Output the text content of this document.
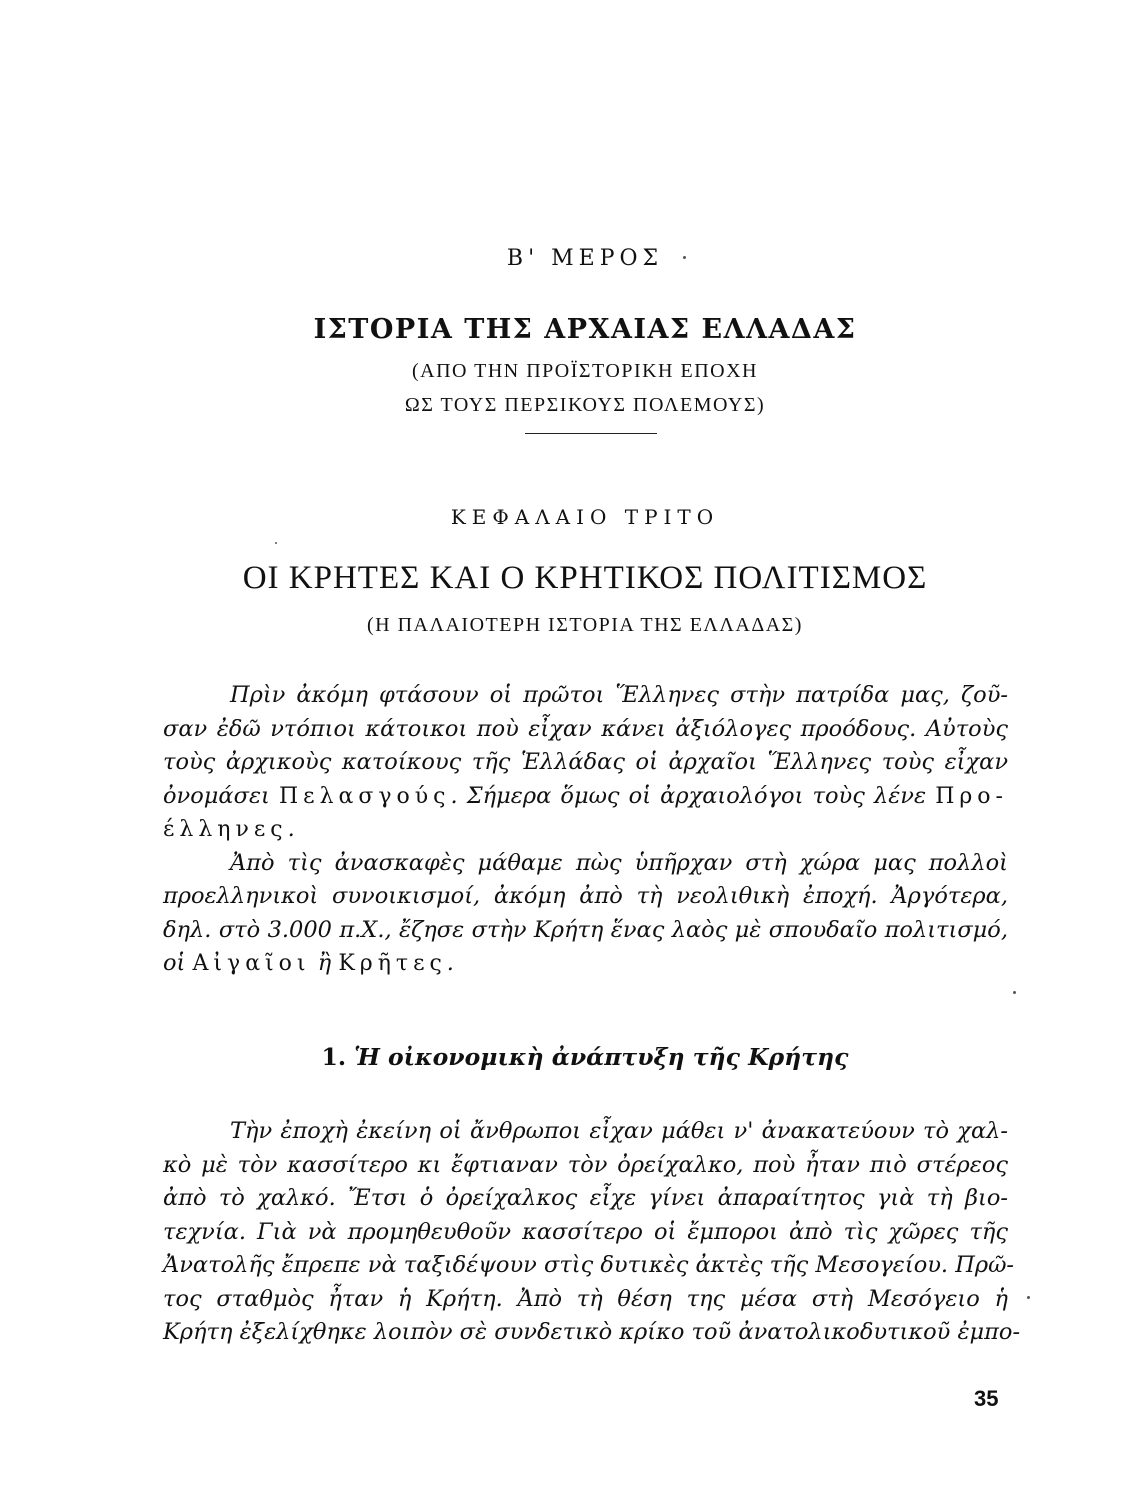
Β' ΜΕΡΟΣ
ΙΣΤΟΡΙΑ ΤΗΣ ΑΡΧΑΙΑΣ ΕΛΛΑΔΑΣ
(ΑΠΟ ΤΗΝ ΠΡΟΪΣΤΟΡΙΚΗ ΕΠΟΧΗ
ΩΣ ΤΟΥΣ ΠΕΡΣΙΚΟΥΣ ΠΟΛΕΜΟΥΣ)
ΚΕΦΑΛΑΙΟ ΤΡΙΤΟ
ΟΙ ΚΡΗΤΕΣ ΚΑΙ Ο ΚΡΗΤΙΚΟΣ ΠΟΛΙΤΙΣΜΟΣ
(Η ΠΑΛΑΙΟΤΕΡΗ ΙΣΤΟΡΙΑ ΤΗΣ ΕΛΛΑΔΑΣ)
Πρὶν ἀκόμη φτάσουν οἱ πρῶτοι Ἕλληνες στὴν πατρίδα μας, ζοῦ-
σαν ἐδῶ ντόπιοι κάτοικοι ποὺ εἶχαν κάνει ἀξιόλογες προόδους. Αὐτοὺς
τοὺς ἀρχικοὺς κατοίκους τῆς Ἑλλάδας οἱ ἀρχαῖοι Ἕλληνες τοὺς εἶχαν
ὀνομάσει Πελασγούς. Σήμερα ὅμως οἱ ἀρχαιολόγοι τοὺς λένε Προ-
έλληνες.
Ἀπὸ τὶς ἀνασκαφὲς μάθαμε πὼς ὑπῆρχαν στὴ χώρα μας πολλοὶ
προελληνικοὶ συνοικισμοί, ἀκόμη ἀπὸ τὴ νεολιθικὴ ἐποχή. Ἀργότερα,
δηλ. στὸ 3.000 π.Χ., ἔζησε στὴν Κρήτη ἕνας λαὸς μὲ σπουδαῖο πολιτισμό,
οἱ Αἰγαῖοι ἢ Κρῆτες.
1. Ἡ οἰκονομικὴ ἀνάπτυξη τῆς Κρήτης
Τὴν ἐποχὴ ἐκείνη οἱ ἄνθρωποι εἶχαν μάθει ν' ἀνακατεύουν τὸ χαλ-
κὸ μὲ τὸν κασσίτερο κι ἔφτιαναν τὸν ὀρείχαλκο, ποὺ ἦταν πιὸ στέρεος
ἀπὸ τὸ χαλκό. Ἔτσι ὁ ὀρείχαλκος εἶχε γίνει ἀπαραίτητος γιὰ τὴ βιο-
τεχνία. Γιὰ νὰ προμηθευθοῦν κασσίτερο οἱ ἔμποροι ἀπὸ τὶς χῶρες τῆς
Ἀνατολῆς ἔπρεπε νὰ ταξιδέψουν στὶς δυτικὲς ἀκτὲς τῆς Μεσογείου. Πρῶ-
τος σταθμὸς ἦταν ἡ Κρήτη. Ἀπὸ τὴ θέση της μέσα στὴ Μεσόγειο ἡ
Κρήτη ἐξελίχθηκε λοιπὸν σὲ συνδετικὸ κρίκο τοῦ ἀνατολικοδυτικοῦ ἐμπο-
35
